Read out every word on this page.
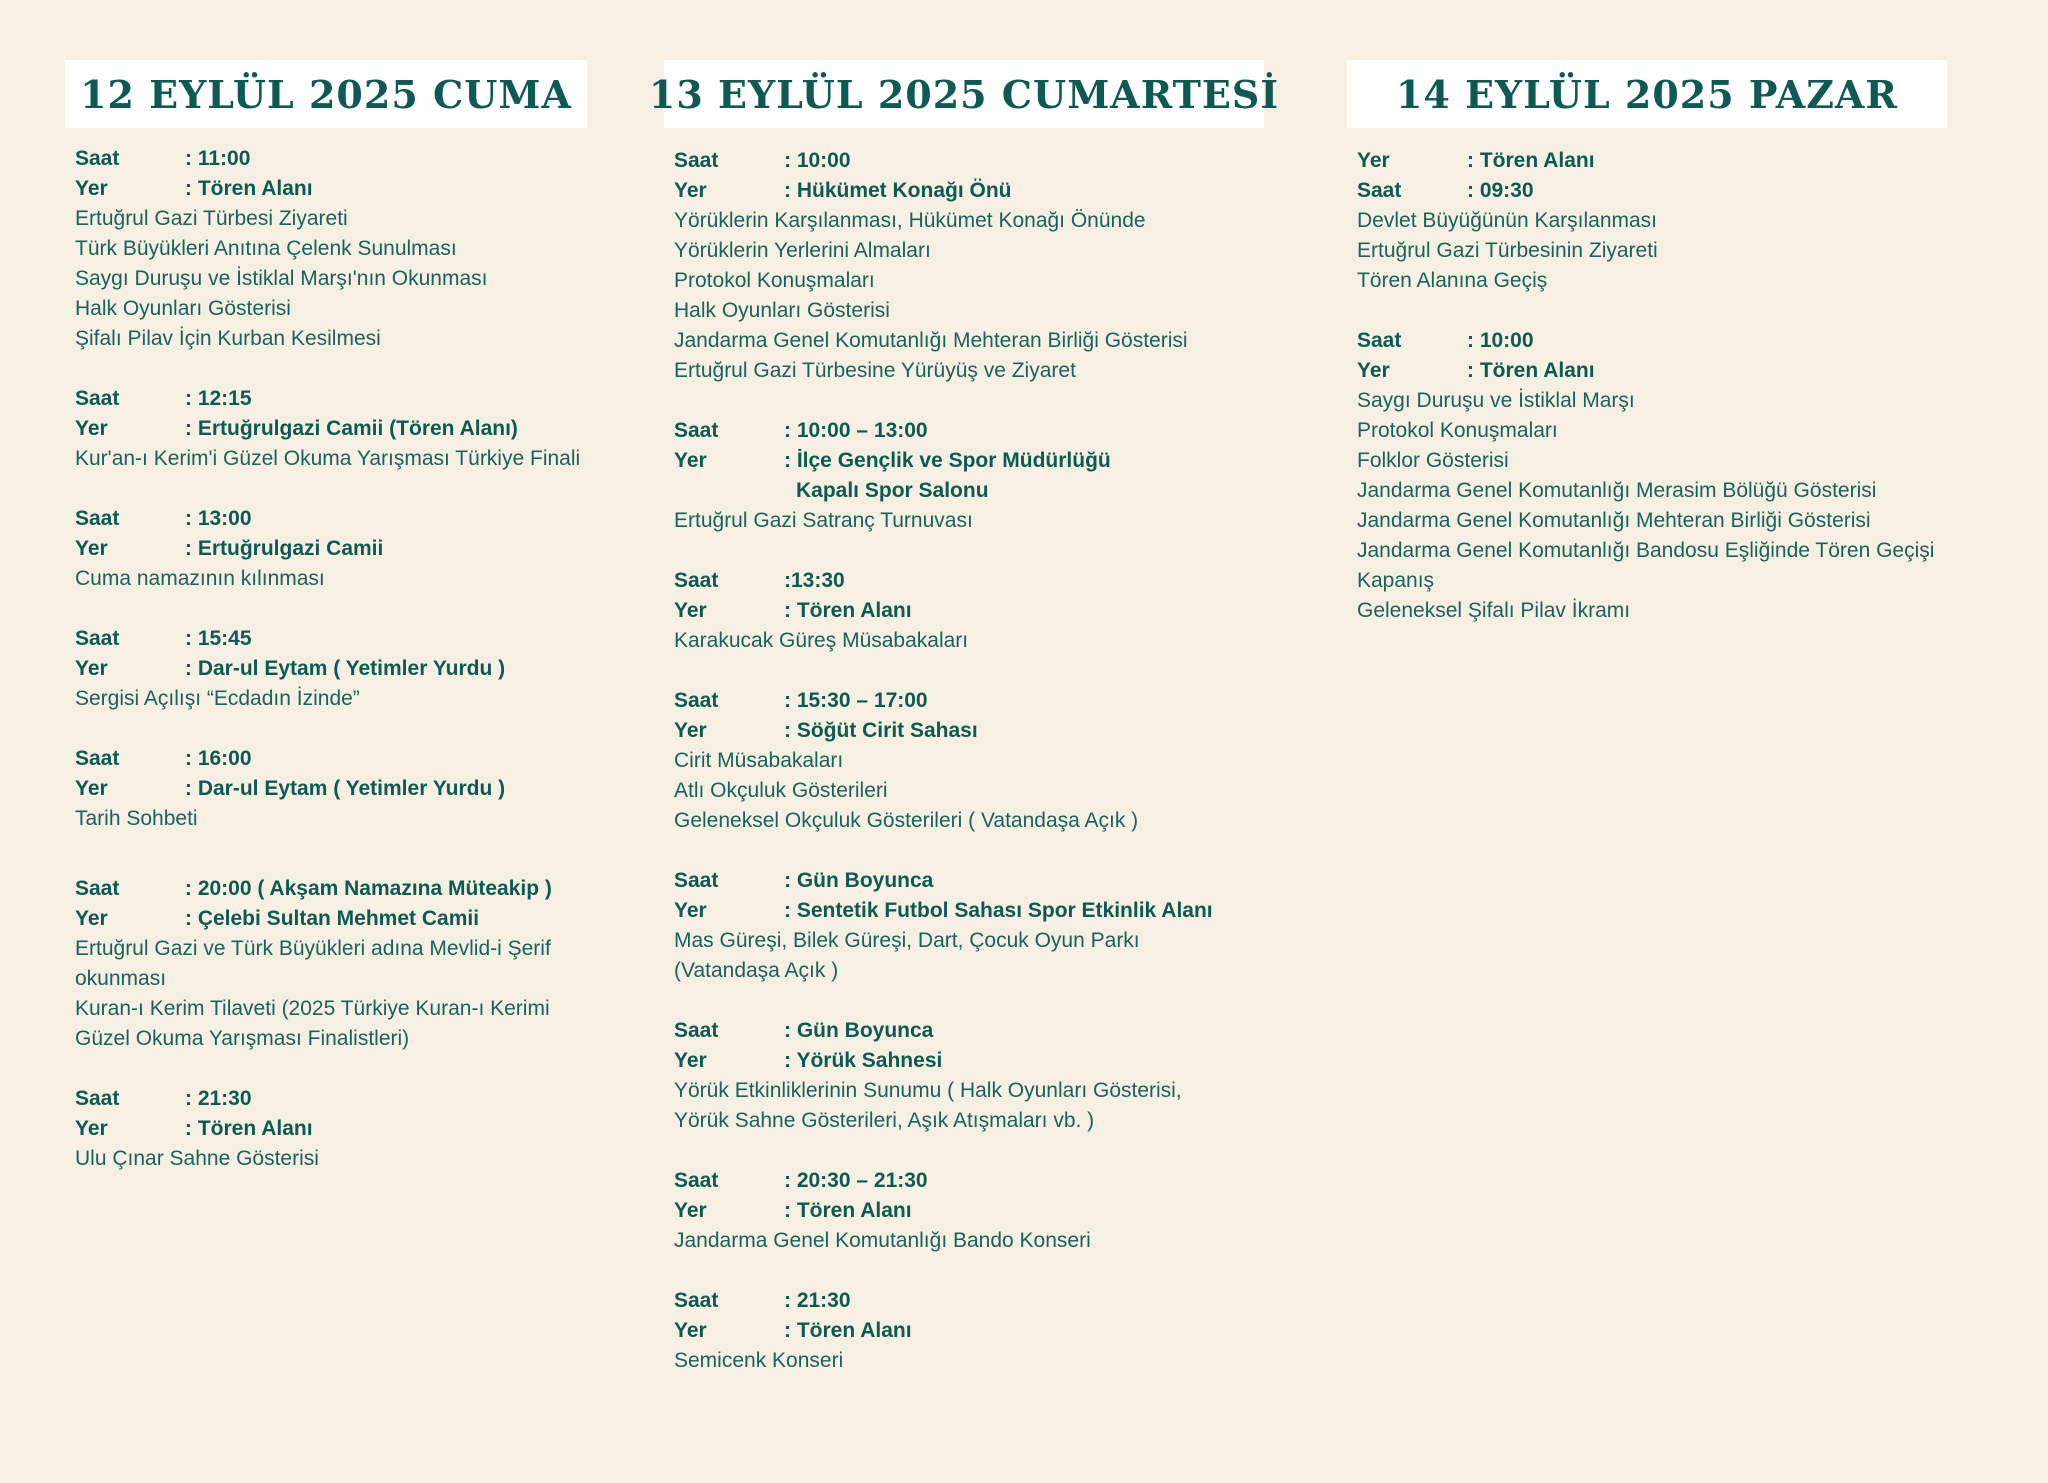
12 EYLÜL 2025 CUMA
Saat	: 11:00
Yer	: Tören Alanı
Ertuğrul Gazi Türbesi Ziyareti
Türk Büyükleri Anıtına Çelenk Sunulması
Saygı Duruşu ve İstiklal Marşı'nın Okunması
Halk Oyunları Gösterisi
Şifalı Pilav İçin Kurban Kesilmesi
Saat	: 12:15
Yer	: Ertuğrulgazi Camii (Tören Alanı)
Kur'an-ı Kerim'i Güzel Okuma Yarışması Türkiye Finali
Saat	: 13:00
Yer	: Ertuğrulgazi Camii
Cuma namazının kılınması
Saat	: 15:45
Yer	: Dar-ul Eytam ( Yetimler Yurdu )
Sergisi Açılışı “Ecdadın İzinde”
Saat	: 16:00
Yer	: Dar-ul Eytam ( Yetimler Yurdu )
Tarih Sohbeti
Saat	: 20:00 ( Akşam Namazına Müteakip )
Yer	: Çelebi Sultan Mehmet Camii
Ertuğrul Gazi ve Türk Büyükleri adına Mevlid-i Şerif okunması
Kuran-ı Kerim Tilaveti (2025 Türkiye Kuran-ı Kerimi Güzel Okuma Yarışması Finalistleri)
Saat	: 21:30
Yer	: Tören Alanı
Ulu Çınar Sahne Gösterisi
13 EYLÜL 2025 CUMARTESİ
Saat	: 10:00
Yer	: Hükümet Konağı Önü
Yörüklerin Karşılanması, Hükümet Konağı Önünde
Yörüklerin Yerlerini Almaları
Protokol Konuşmaları
Halk Oyunları Gösterisi
Jandarma Genel Komutanlığı Mehteran Birliği Gösterisi
Ertuğrul Gazi Türbesine Yürüyüş ve Ziyaret
Saat	: 10:00 – 13:00
Yer	: İlçe Gençlik ve Spor Müdürlüğü
Kapalı Spor Salonu
Ertuğrul Gazi Satranç Turnuvası
Saat	:13:30
Yer	: Tören Alanı
Karakucak Güreş Müsabakaları
Saat	: 15:30 – 17:00
Yer	: Söğüt Cirit Sahası
Cirit Müsabakaları
Atlı Okçuluk Gösterileri
Geleneksel Okçuluk Gösterileri ( Vatandaşa Açık )
Saat	: Gün Boyunca
Yer	: Sentetik Futbol Sahası Spor Etkinlik Alanı
Mas Güreşi, Bilek Güreşi, Dart, Çocuk Oyun Parkı
(Vatandaşa Açık )
Saat	: Gün Boyunca
Yer	: Yörük Sahnesi
Yörük Etkinliklerinin Sunumu ( Halk Oyunları Gösterisi,
Yörük Sahne Gösterileri, Aşık Atışmaları vb. )
Saat	: 20:30 – 21:30
Yer	: Tören Alanı
Jandarma Genel Komutanlığı Bando Konseri
Saat	: 21:30
Yer	: Tören Alanı
Semicenk Konseri
14 EYLÜL 2025 PAZAR
Yer	: Tören Alanı
Saat	: 09:30
Devlet Büyüğünün Karşılanması
Ertuğrul Gazi Türbesinin Ziyareti
Tören Alanına Geçiş
Saat	: 10:00
Yer	: Tören Alanı
Saygı Duruşu ve İstiklal Marşı
Protokol Konuşmaları
Folklor Gösterisi
Jandarma Genel Komutanlığı Merasim Bölüğü Gösterisi
Jandarma Genel Komutanlığı Mehteran Birliği Gösterisi
Jandarma Genel Komutanlığı Bandosu Eşliğinde Tören Geçişi
Kapanış
Geleneksel Şifalı Pilav İkramı
